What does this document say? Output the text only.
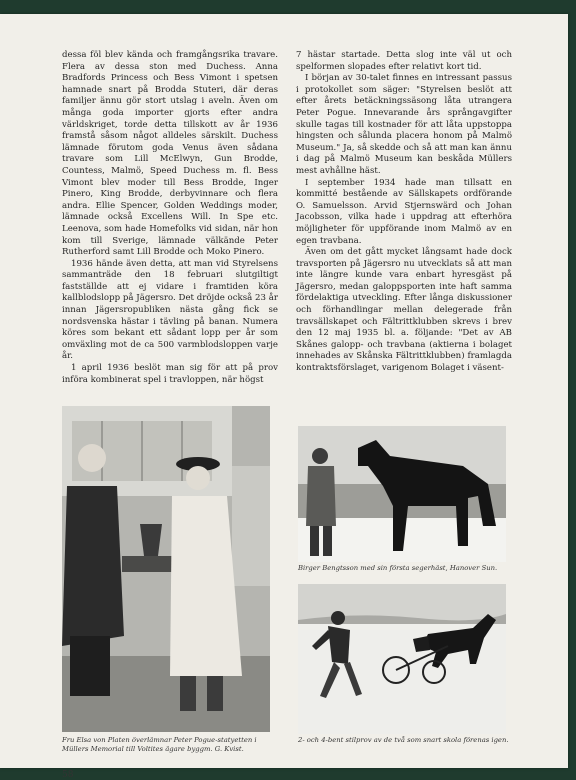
dessa föl blev kända och framgångsrika travare. Flera av dessa ston med Duchess. Anna Bradfords Princess och Bess Vimont i spetsen hamnade snart på Brodda Stuteri, där deras familjer ännu gör stort utslag i aveln. Även om många goda importer gjorts efter andra världskriget, torde detta tillskott av år 1936 framstå såsom något alldeles särskilt. Duchess lämnade förutom goda Venus även sådana travare som Lill McElwyn, Gun Brodde, Countess, Malmö, Speed Duchess m. fl. Bess Vimont blev moder till Bess Brodde, Inger Pinero, King Brodde, derbyvinnare och flera andra. Ellie Spencer, Golden Weddings moder, lämnade också Excellens Will. In Spe etc. Leenova, som hade Homefolks vid sidan, när hon kom till Sverige, lämnade välkände Peter Rutherford samt Lill Brodde och Moko Pinero.

1936 hände även detta, att man vid Styrelsens sammanträde den 18 februari slutgiltigt fastställde att ej vidare i framtiden köra kallblodslopp på Jägersro. Det dröjde också 23 år innan Jägersropubliken nästa gång fick se nordsvenska hästar i tävling på banan. Numera köres som bekant ett sådant lopp per år som omväxling mot de ca 500 varmblodsloppen varje år.

1 april 1936 beslöt man sig för att på prov införa kombinerat spel i travloppen, när högst

7 hästar startade. Detta slog inte väl ut och spelformen slopades efter relativt kort tid.

I början av 30-talet finnes en intressant passus i protokollet som säger: "Styrelsen beslöt att efter årets betäckningssäsong låta utrangera Peter Pogue. Innevarande års språngavgifter skulle tagas till kostnader för att låta uppstoppa hingsten och sålunda placera honom på Malmö Museum." Ja, så skedde och så att man kan ännu i dag på Malmö Museum kan beskåda Müllers mest avhållne häst.

I september 1934 hade man tillsatt en kommitté bestående av Sällskapets ordförande O. Samuelsson. Arvid Stjernswärd och Johan Jacobsson, vilka hade i uppdrag att efterhöra möjligheter för uppförande inom Malmö av en egen travbana.

Även om det gått mycket långsamt hade dock travsporten på Jägersro nu utvecklats så att man inte längre kunde vara enbart hyresgäst på Jägersro, medan galoppsporten inte haft samma fördelaktiga utveckling. Efter långa diskussioner och förhandlingar mellan delegerade från travsällskapet och Fältrittklubben skrevs i brev den 12 maj 1935 bl. a. följande: "Det av AB Skånes galopp- och travbana (aktierna i bolaget innehades av Skånska Fältrittklubben) framlagda kontraktsförslaget, varigenom Bolaget i väsent-

Fru Elsa von Platen överlämnar Peter Pogue-statyetten i Müllers Memorial till Voltites ägare byggm. G. Kvist.
Birger Bengtsson med sin första segerhäst, Hanover Sun.
2- och 4-bent stilprov av de två som snart skola förenas igen.
58
